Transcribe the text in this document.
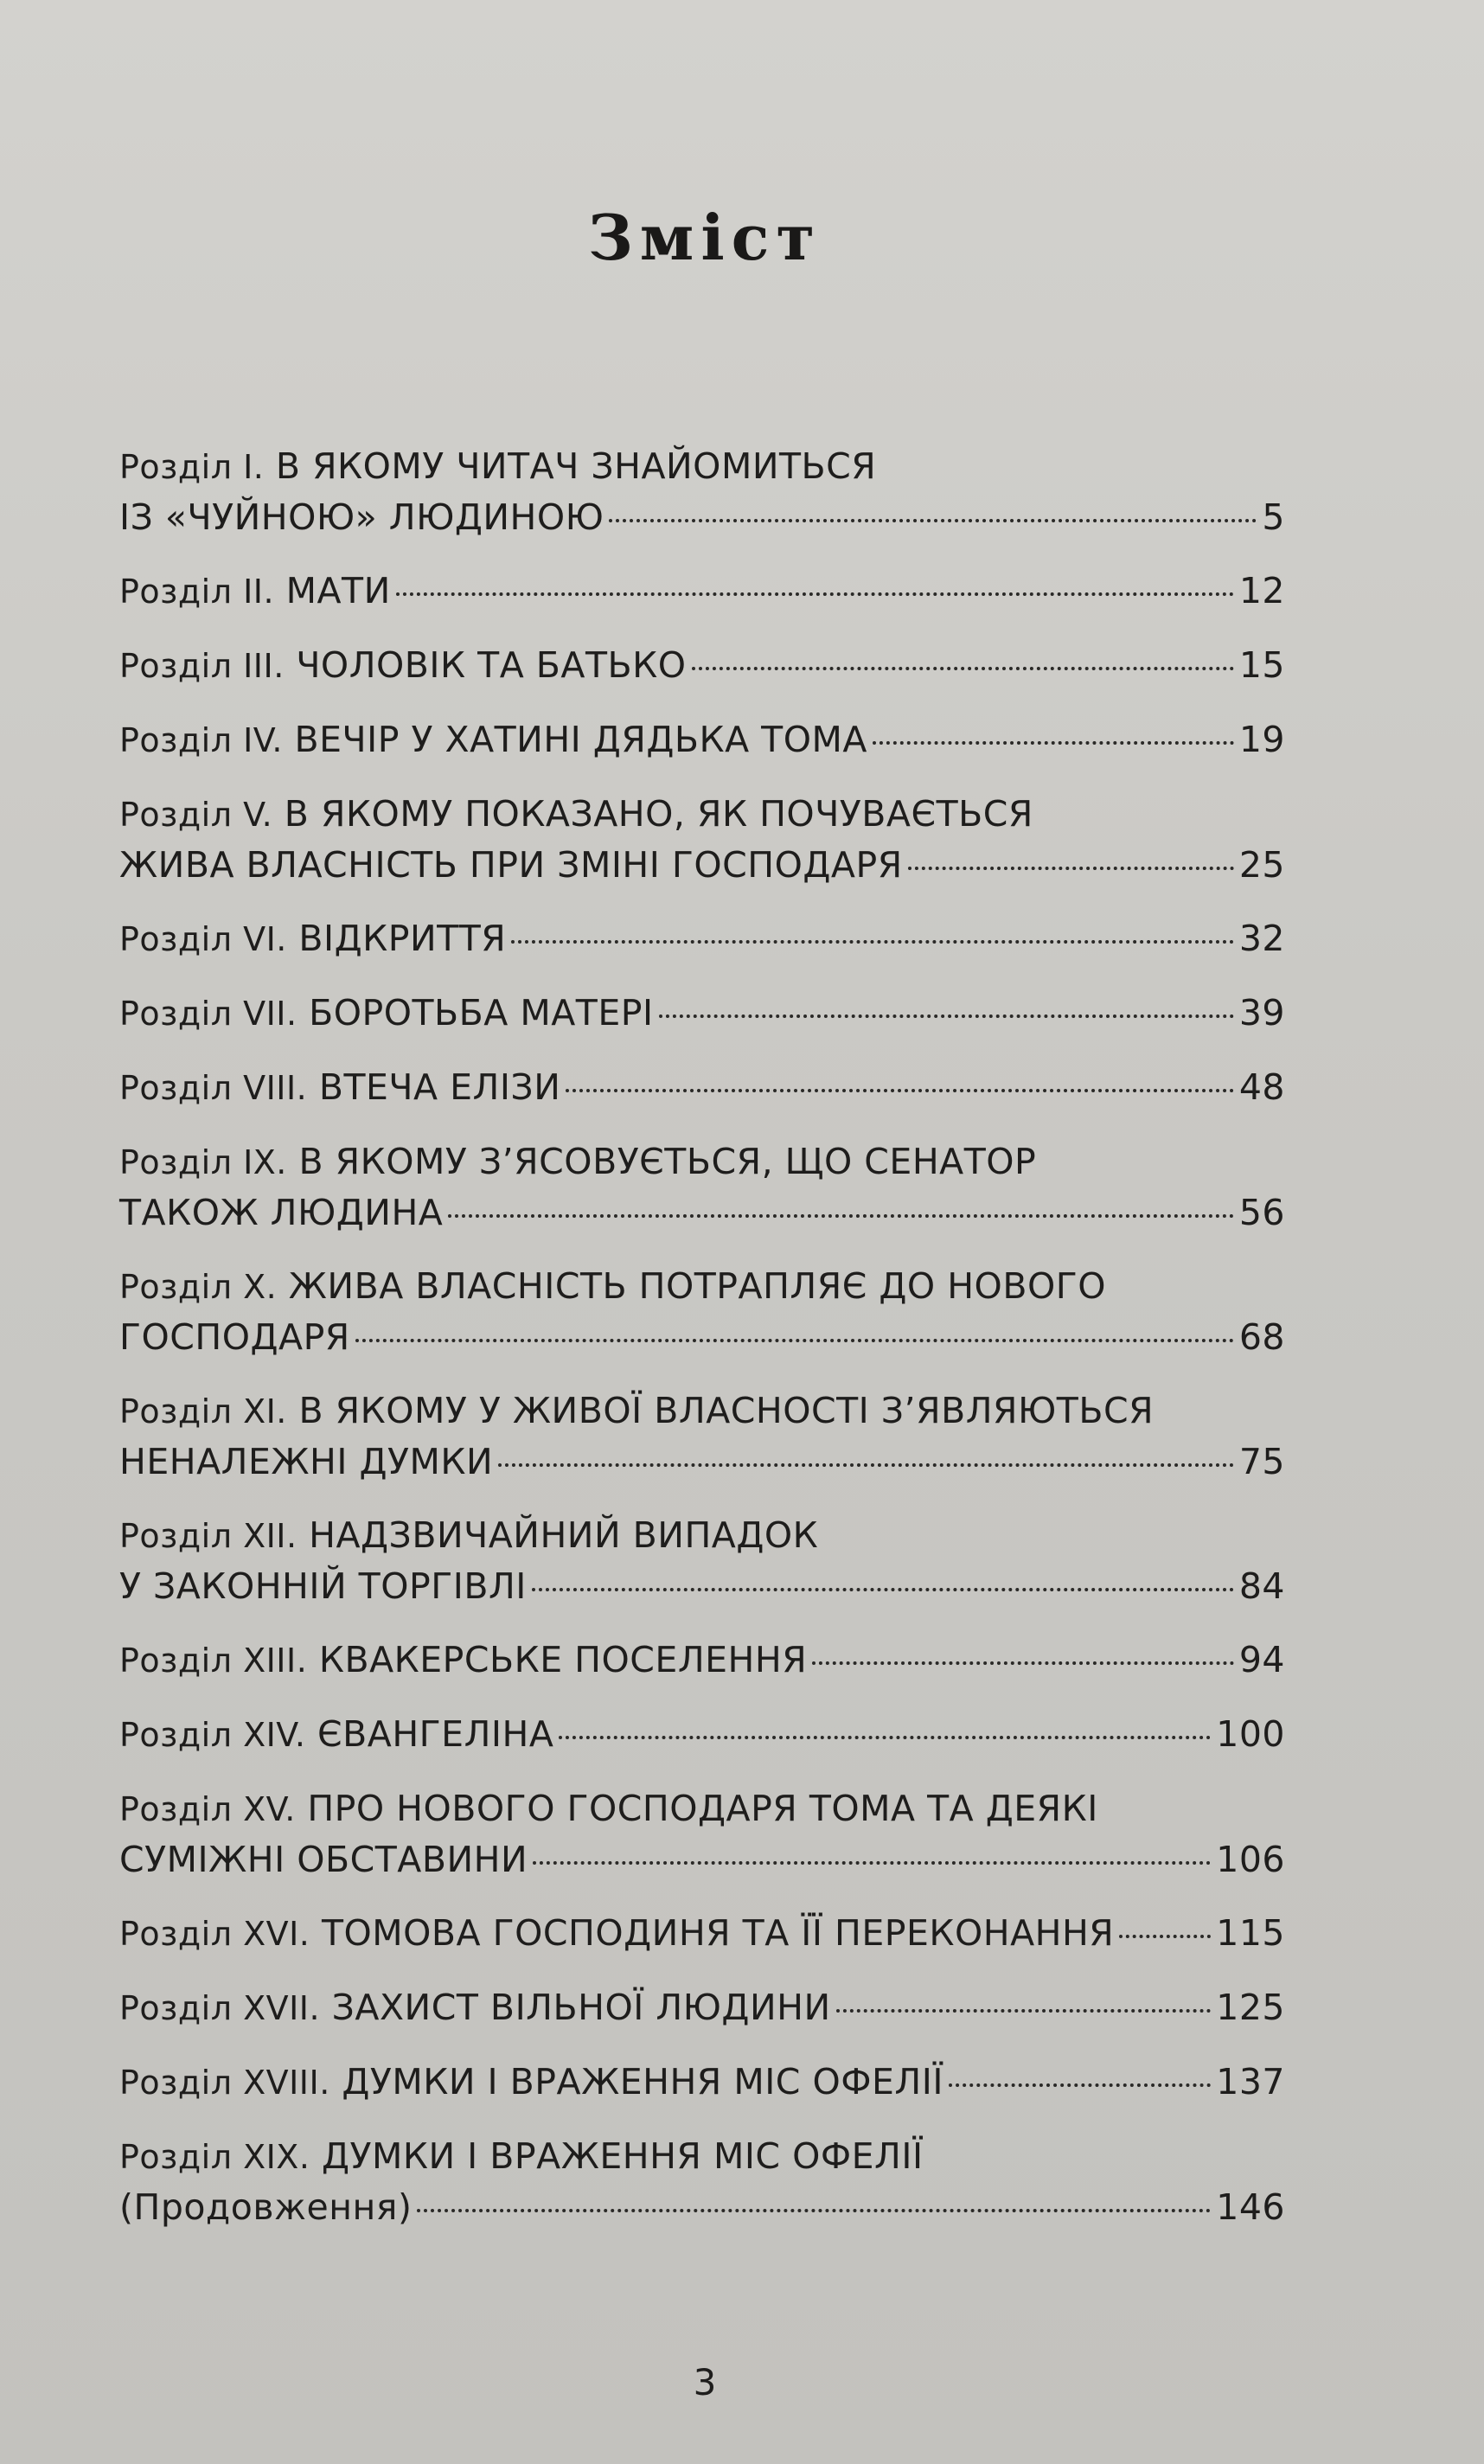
Зміст
Розділ I. В ЯКОМУ ЧИТАЧ ЗНАЙОМИТЬСЯ
ІЗ «ЧУЙНОЮ» ЛЮДИНОЮ	5
Розділ II. МАТИ	12
Розділ III. ЧОЛОВІК ТА БАТЬКО	15
Розділ IV. ВЕЧІР У ХАТИНІ ДЯДЬКА ТОМА	19
Розділ V. В ЯКОМУ ПОКАЗАНО, ЯК ПОЧУВАЄТЬСЯ
ЖИВА ВЛАСНІСТЬ ПРИ ЗМІНІ ГОСПОДАРЯ	25
Розділ VI. ВІДКРИТТЯ	32
Розділ VII. БОРОТЬБА МАТЕРІ	39
Розділ VIII. ВТЕЧА ЕЛІЗИ	48
Розділ IX. В ЯКОМУ З’ЯСОВУЄТЬСЯ, ЩО СЕНАТОР
ТАКОЖ ЛЮДИНА	56
Розділ X. ЖИВА ВЛАСНІСТЬ ПОТРАПЛЯЄ ДО НОВОГО
ГОСПОДАРЯ	68
Розділ XI. В ЯКОМУ У ЖИВОЇ ВЛАСНОСТІ З’ЯВЛЯЮТЬСЯ
НЕНАЛЕЖНІ ДУМКИ	75
Розділ XII. НАДЗВИЧАЙНИЙ ВИПАДОК
У ЗАКОННІЙ ТОРГІВЛІ	84
Розділ XIII. КВАКЕРСЬКЕ ПОСЕЛЕННЯ	94
Розділ XIV. ЄВАНГЕЛІНА	100
Розділ XV. ПРО НОВОГО ГОСПОДАРЯ ТОМА ТА ДЕЯКІ
СУМІЖНІ ОБСТАВИНИ	106
Розділ XVI. ТОМОВА ГОСПОДИНЯ ТА ЇЇ ПЕРЕКОНАННЯ	115
Розділ XVII. ЗАХИСТ ВІЛЬНОЇ ЛЮДИНИ	125
Розділ XVIII. ДУМКИ І ВРАЖЕННЯ МІС ОФЕЛІЇ	137
Розділ XIX. ДУМКИ І ВРАЖЕННЯ МІС ОФЕЛІЇ
(Продовження)	146
3
